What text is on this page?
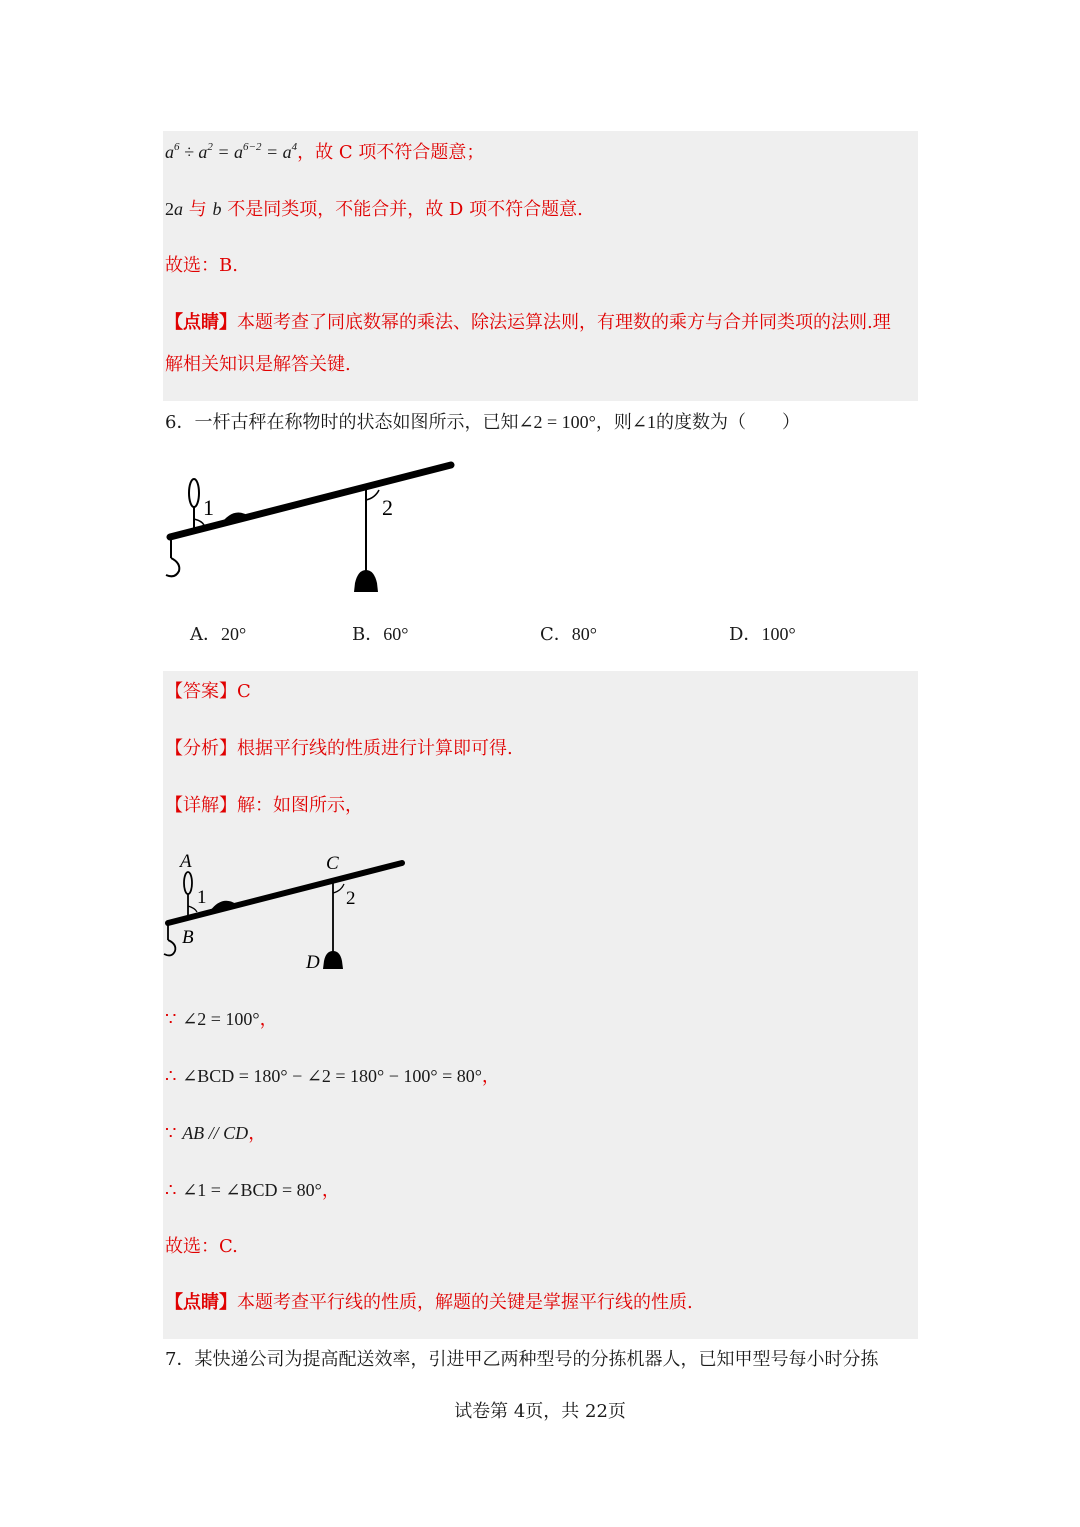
$a^6 \div a^2 = a^{6-2} = a^4$，故 C 项不符合题意；
2a 与 b 不是同类项，不能合并，故 D 项不符合题意.
故选：B.
【点睛】本题考查了同底数幂的乘法、除法运算法则，有理数的乘方与合并同类项的法则.理
解相关知识是解答关键.
6．一杆古秤在称物时的状态如图所示，已知∠2 = 100°，则∠1的度数为（　　）
1	2
A．20°	B．60°	C．80°	D．100°
【答案】C
【分析】根据平行线的性质进行计算即可得.
【详解】解：如图所示，
A
1
B
C
2
D
∵ ∠2 = 100°，
∴ ∠BCD = 180° − ∠2 = 180° − 100° = 80°，
∵ AB // CD，
∴ ∠1 = ∠BCD = 80°，
故选：C.
【点睛】本题考查平行线的性质，解题的关键是掌握平行线的性质.
7．某快递公司为提高配送效率，引进甲乙两种型号的分拣机器人，已知甲型号每小时分拣
试卷第 4页，共 22页
